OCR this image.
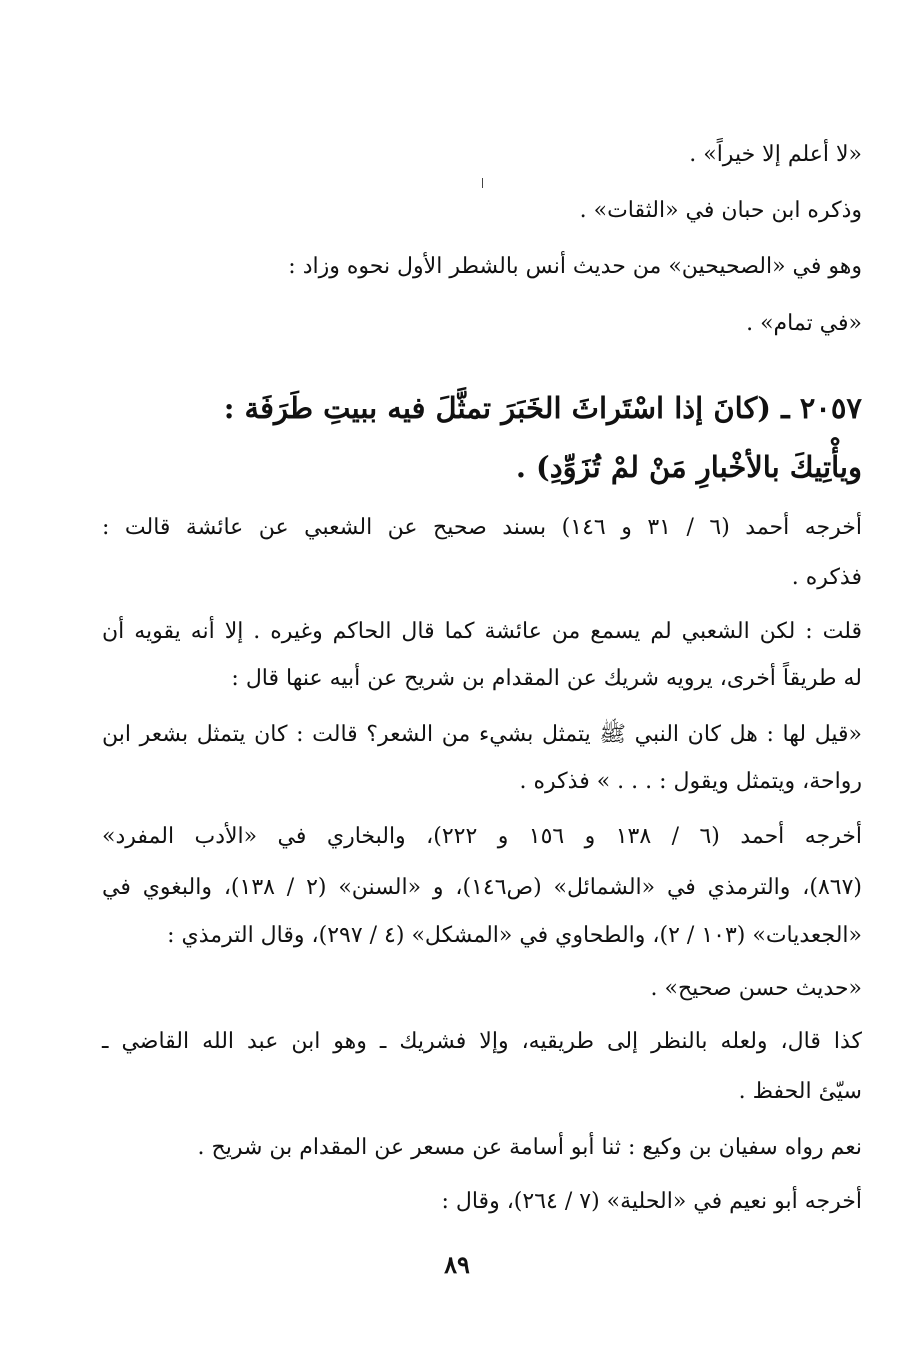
«لا أعلم إلا خيراً» .
وذكره ابن حبان في «الثقات» .
وهو في «الصحيحين» من حديث أنس بالشطر الأول نحوه وزاد :
«في تمام» .
٢٠٥٧ ـ (كانَ إذا اسْتَراثَ الخَبَرَ تمثَّلَ فيه ببيتِ طَرَفَة :
ويأْتِيكَ بالأخْبارِ مَنْ لمْ تُزَوِّدِ) .
أخرجه أحمد (٦ / ٣١ و ١٤٦) بسند صحيح عن الشعبي عن عائشة قالت :
فذكره .
قلت : لكن الشعبي لم يسمع من عائشة كما قال الحاكم وغيره . إلا أنه يقويه أن
له طريقاً أخرى، يرويه شريك عن المقدام بن شريح عن أبيه عنها قال :
«قيل لها : هل كان النبي ﷺ يتمثل بشيء من الشعر؟ قالت : كان يتمثل بشعر ابن
رواحة، ويتمثل ويقول : . . . » فذكره .
أخرجه أحمد (٦ / ١٣٨ و ١٥٦ و ٢٢٢)، والبخاري في «الأدب المفرد»
(٨٦٧)، والترمذي في «الشمائل» (ص١٤٦)، و «السنن» (٢ / ١٣٨)، والبغوي في
«الجعديات» (١٠٣ / ٢)، والطحاوي في «المشكل» (٤ / ٢٩٧)، وقال الترمذي :
«حديث حسن صحيح» .
كذا قال، ولعله بالنظر إلى طريقيه، وإلا فشريك ـ وهو ابن عبد الله القاضي ـ
سيّئ الحفظ .
نعم رواه سفيان بن وكيع : ثنا أبو أسامة عن مسعر عن المقدام بن شريح .
أخرجه أبو نعيم في «الحلية» (٧ / ٢٦٤)، وقال :
٨٩
